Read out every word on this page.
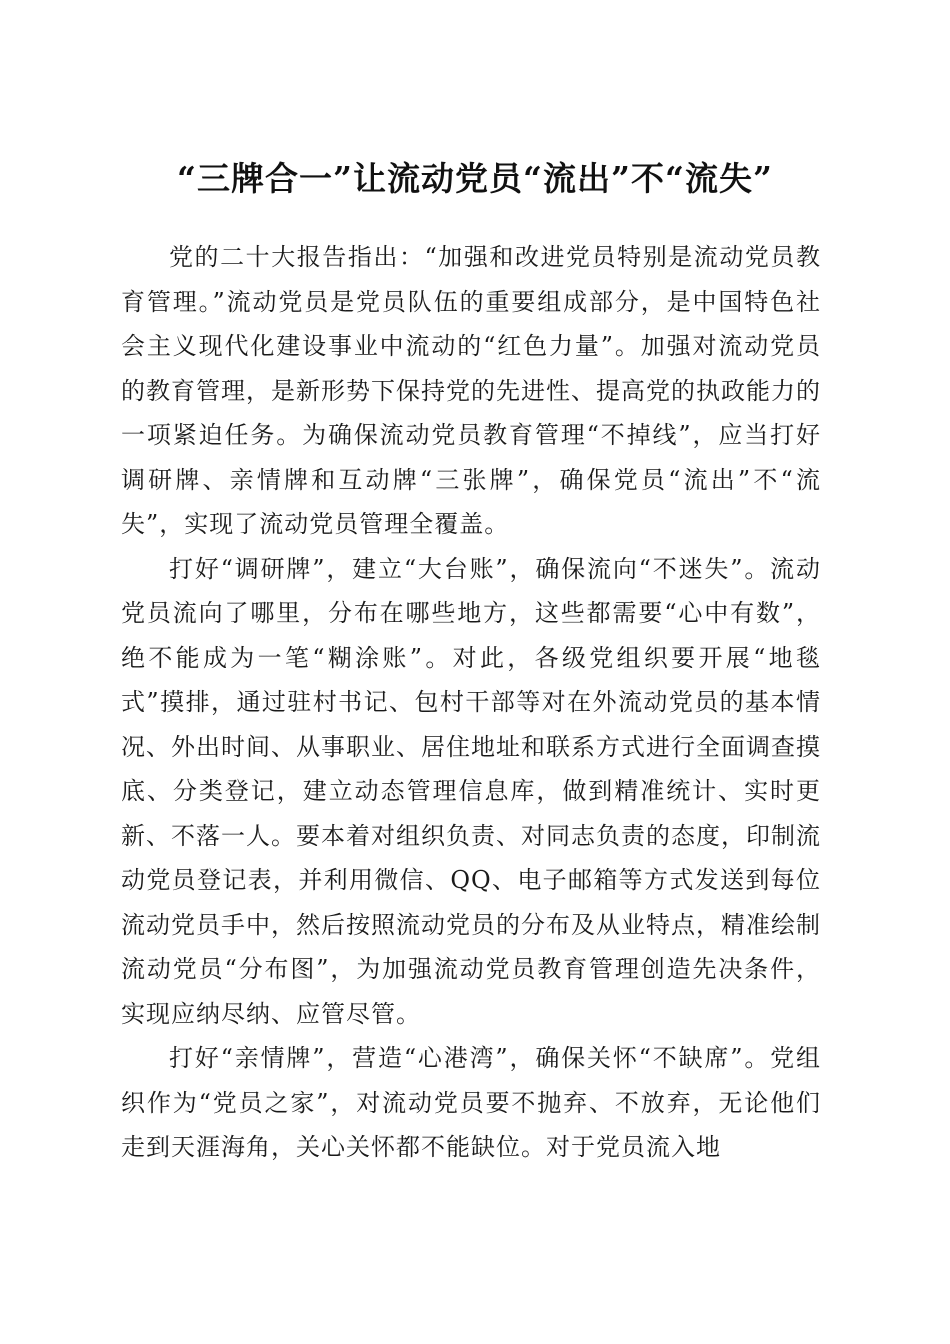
“三牌合一”让流动党员“流出”不“流失”

党的二十大报告指出：“加强和改进党员特别是流动党员教育管理。”流动党员是党员队伍的重要组成部分，是中国特色社会主义现代化建设事业中流动的“红色力量”。加强对流动党员的教育管理，是新形势下保持党的先进性、提高党的执政能力的一项紧迫任务。为确保流动党员教育管理“不掉线”，应当打好调研牌、亲情牌和互动牌“三张牌”，确保党员“流出”不“流失”，实现了流动党员管理全覆盖。

打好“调研牌”，建立“大台账”，确保流向“不迷失”。流动党员流向了哪里，分布在哪些地方，这些都需要“心中有数”，绝不能成为一笔“糊涂账”。对此，各级党组织要开展“地毯式”摸排，通过驻村书记、包村干部等对在外流动党员的基本情况、外出时间、从事职业、居住地址和联系方式进行全面调查摸底、分类登记，建立动态管理信息库，做到精准统计、实时更新、不落一人。要本着对组织负责、对同志负责的态度，印制流动党员登记表，并利用微信、QQ、电子邮箱等方式发送到每位流动党员手中，然后按照流动党员的分布及从业特点，精准绘制流动党员“分布图”，为加强流动党员教育管理创造先决条件，实现应纳尽纳、应管尽管。

打好“亲情牌”，营造“心港湾”，确保关怀“不缺席”。党组织作为“党员之家”，对流动党员要不抛弃、不放弃，无论他们走到天涯海角，关心关怀都不能缺位。对于党员流入地
